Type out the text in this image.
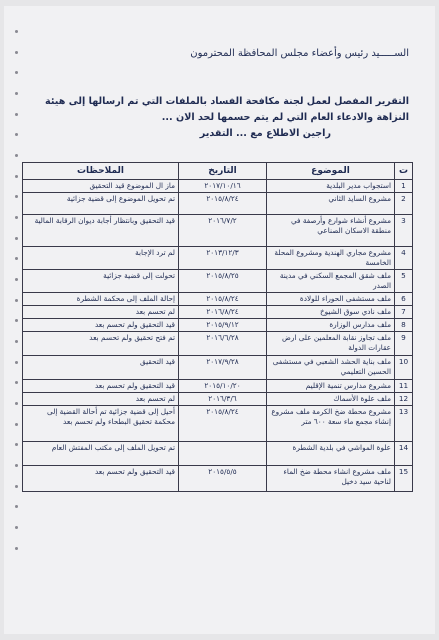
الســـــيد رئيس وأعضاء مجلس المحافظة المحترمون
التقرير المفصل لعمل لجنة مكافحة الفساد بالملفات التي تم ارسالها إلى هيئة
النزاهة والادعاء العام التي لم يتم حسمها لحد الان ...
راجين الاطلاع مع ... التقدير
ت	الموضوع	التاريخ	الملاحظات
1	استجواب مدير البلدية	٢٠١٧/١٠/١٦	ماز ال الموضوع قيد التحقيق
2	مشروع السايد الثاني	٢٠١٥/٨/٢٤	تم تحويل الموضوع إلى قضية جزائية
3	مشروع أنشاء شوارع وأرصفة في منطقة الاسكان الصناعي	٢٠١٦/٧/٢	قيد التحقيق وبانتظار أجابة ديوان الرقابة المالية
4	مشروع مجاري الهندية ومشروع المحلة الخامسة	٢٠١٣/١٢/٣	لم ترد الإجابة
5	ملف شقق المجمع السكني في مدينة الصدر	٢٠١٥/٨/٢٥	تحولت إلى قضية جزائية
6	ملف مستشفى الحوراء للولادة	٢٠١٥/٨/٢٤	إحالة الملف إلى محكمة الشطرة
7	ملف نادي سوق الشيوخ	٢٠١٦/٨/٢٤	لم تحسم بعد
8	ملف مدارس الوزارة	٢٠١٥/٩/١٢	قيد التحقيق ولم تحسم بعد
9	ملف تجاوز نقابة المعلمين على ارض عقارات الدولة	٢٠١٦/٦/٢٨	تم فتح تحقيق ولم تحسم بعد
10	ملف بناية الحشد الشعبي في مستشفى الحسين التعليمي	٢٠١٧/٩/٢٨	قيد التحقيق
11	مشروع مدارس تنمية الإقليم	٢٠١٥/١٠/٢٠	قيد التحقيق ولم تحسم بعد
12	ملف علوة الأسماك	٢٠١٦/٣/٦	لم تحسم بعد
13	مشروع محطة ضخ الكرمة ملف مشروع إنشاء مجمع ماء سعة ٦٠٠ متر	٢٠١٥/٨/٢٤	أحيل إلى قضية جزائية تم أحالة القضية إلى محكمة تحقيق البطحاء ولم تحسم بعد
14	علوة المواشي في بلدية الشطرة		تم تحويل الملف إلى مكتب المفتش العام
15	ملف مشروع انشاء محطة ضخ الماء لناحية سيد دخيل	٢٠١٥/٥/٥	قيد التحقيق ولم تحسم بعد
